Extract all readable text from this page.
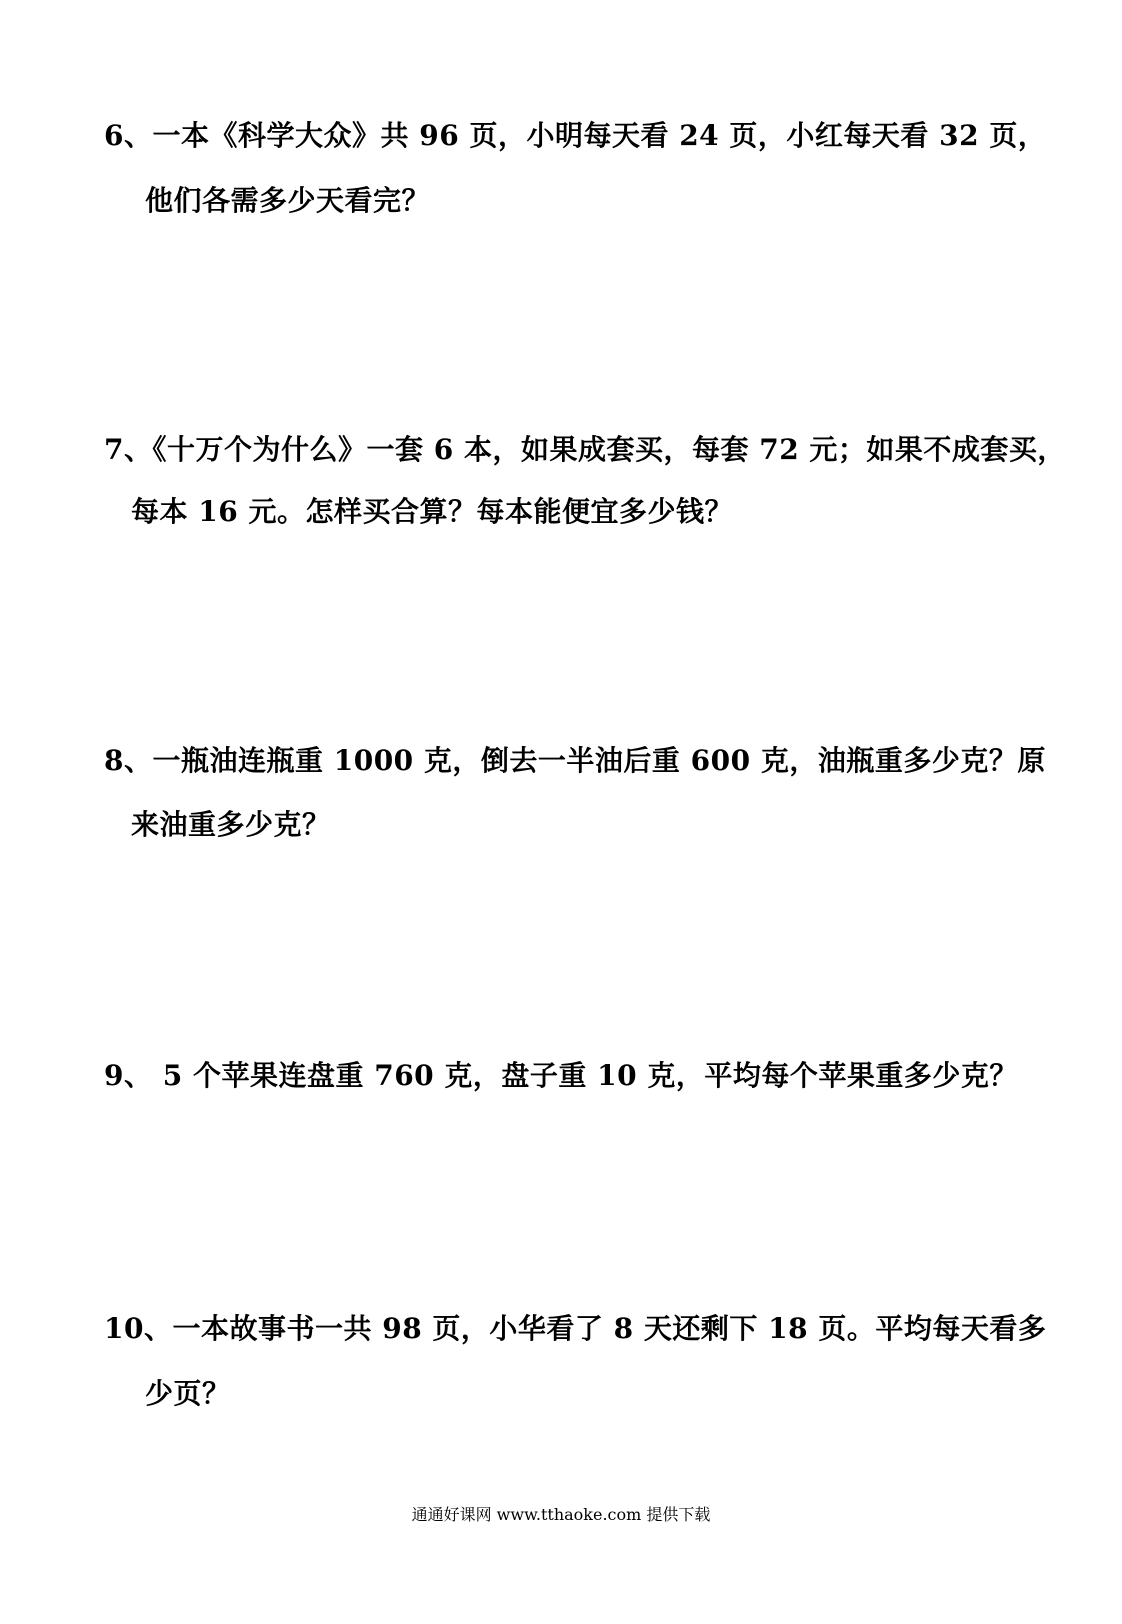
6、一本《科学大众》共 96 页，小明每天看 24 页，小红每天看 32 页，
他们各需多少天看完？
7、《十万个为什么》一套 6 本，如果成套买，每套 72 元；如果不成套买，
每本 16 元。怎样买合算？每本能便宜多少钱？
8、一瓶油连瓶重 1000 克，倒去一半油后重 600 克，油瓶重多少克？原
来油重多少克？
9、 5 个苹果连盘重 760 克，盘子重 10 克，平均每个苹果重多少克？
10、一本故事书一共 98 页，小华看了 8 天还剩下 18 页。平均每天看多
少页？
通通好课网 www.tthaoke.com 提供下载
